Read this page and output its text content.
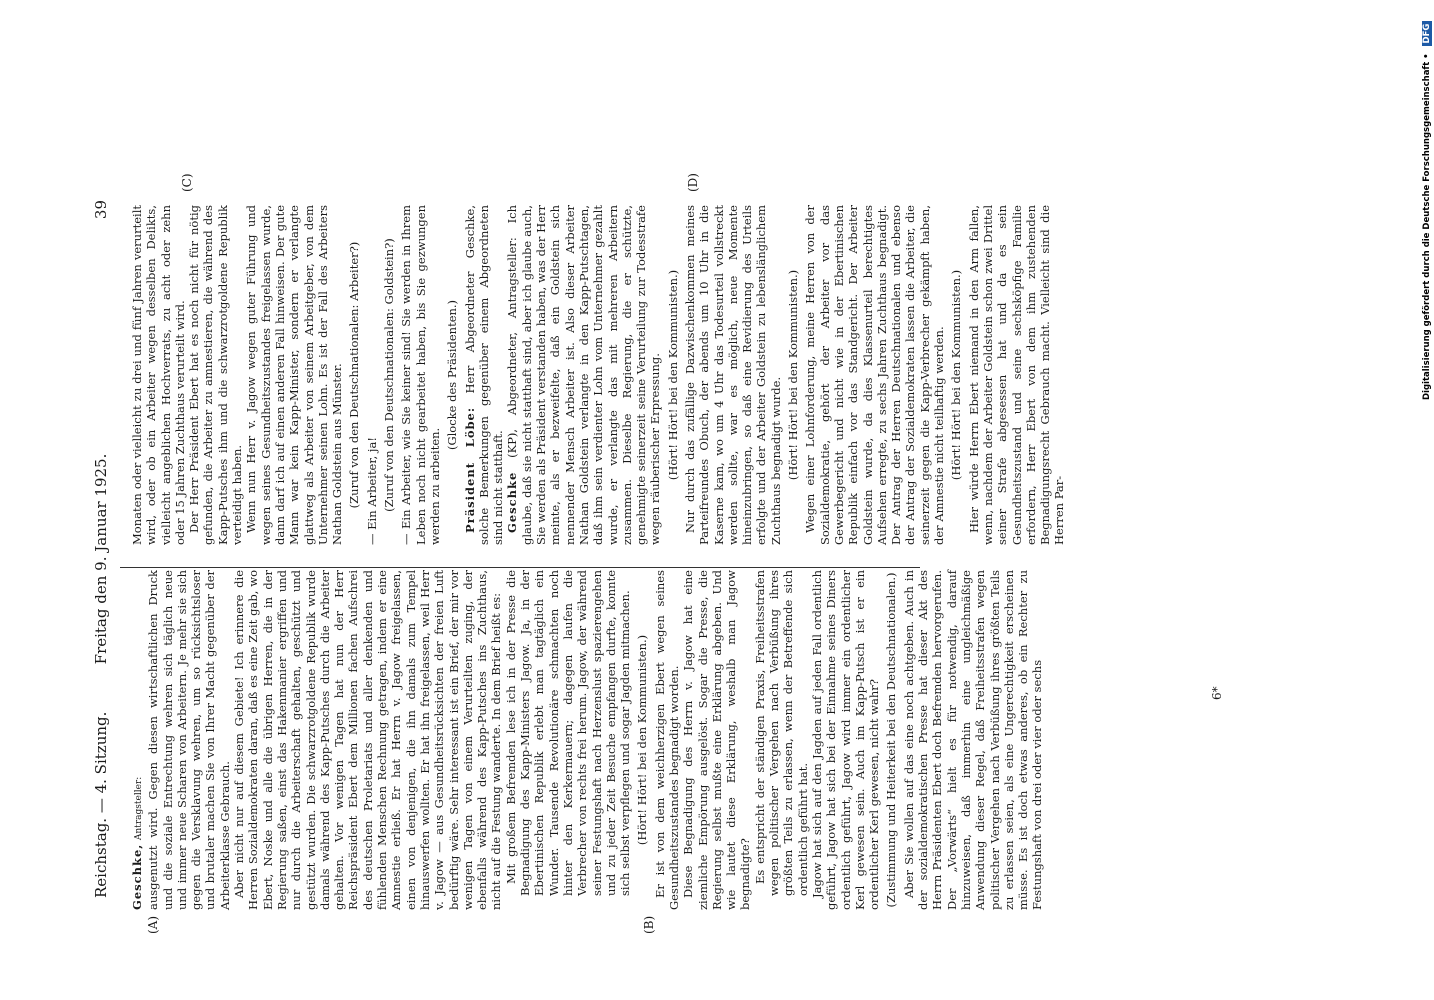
Reichstag. — 4. Sitzung.
Freitag den 9. Januar 1925.
39
(A)	(B)
(C)	(D)

Geschke, Antragsteller: ausgenutzt wird. Gegen diesen wirtschaftlichen Druck und die soziale Entrechtung wehren sich täglich neue und immer neue Scharen von Arbeitern. Je mehr sie sich gegen die Versklavung wehren, um so rücksichtsloser und brutaler machen Sie von Ihrer Macht gegenüber der Arbeiterklasse Gebrauch. Aber nicht nur auf diesem Gebiete! Ich erinnere die Herren Sozialdemokraten daran, daß es eine Zeit gab, wo Ebert, Noske und alle die übrigen Herren, die in der Regierung saßen, einst das Hakenmanier ergriffen und nur durch die Arbeiterschaft gehalten, geschützt und gestützt wurden. Die schwarzrotgoldene Republik wurde damals während des Kapp-Putsches durch die Arbeiter gehalten. Vor wenigen Tagen hat nun der Herr Reichspräsident Ebert dem Millionen fachen Aufschrei des deutschen Proletariats und aller denkenden und fühlenden Menschen Rechnung getragen, indem er eine Amnestie erließ. Er hat Herrn v. Jagow freigelassen, einen von denjenigen, die ihn damals zum Tempel hinauswerfen wollten. Er hat ihn freigelassen, weil Herr v. Jagow — aus Gesundheitsrücksichten der freien Luft bedürftig wäre. Sehr interessant ist ein Brief, der mir vor wenigen Tagen von einem Verurteilten zuging, der ebenfalls während des Kapp-Putsches ins Zuchthaus, nicht auf die Festung wanderte. In dem Brief heißt es: Mit großem Befremden lese ich in der Presse die Begnadigung des Kapp-Ministers Jagow. Ja, in der Ebertinischen Republik erlebt man tagtäglich ein Wunder. Tausende Revolutionäre schmachten noch hinter den Kerkermauern; dagegen laufen die Verbrecher von rechts frei herum. Jagow, der während seiner Festungshaft nach Herzenslust spazierengehen und zu jeder Zeit Besuche empfangen durfte, konnte sich selbst verpflegen und sogar Jagden mitmachen. (Hört! Hört! bei den Kommunisten.) Er ist von dem weichherzigen Ebert wegen seines Gesundheitszustandes begnadigt worden. Diese Begnadigung des Herrn v. Jagow hat eine ziemliche Empörung ausgelöst. Sogar die Presse, die Regierung selbst mußte eine Erklärung abgeben. Und wie lautet diese Erklärung, weshalb man Jagow begnadigte? Es entspricht der ständigen Praxis, Freiheitsstrafen wegen politischer Vergehen nach Verbüßung ihres größten Teils zu erlassen, wenn der Betreffende sich ordentlich geführt hat. Jagow hat sich auf den Jagden auf jeden Fall ordentlich geführt, Jagow hat sich bei der Einnahme seines Diners ordentlich geführt, Jagow wird immer ein ordentlicher Kerl gewesen sein. Auch im Kapp-Putsch ist er ein ordentlicher Kerl gewesen, nicht wahr? (Zustimmung und Heiterkeit bei den Deutschnationalen.) Aber Sie wollen auf das eine noch achtgeben. Auch in der sozialdemokratischen Presse hat dieser Akt des Herrn Präsidenten Ebert doch Befremden hervorgerufen. Der „Vorwärts“ hielt es für notwendig, darauf hinzuweisen, daß immerhin eine ungleichmäßige Anwendung dieser Regel, daß Freiheitsstrafen wegen politischer Vergehen nach Verbüßung ihres größten Teils zu erlassen seien, als eine Ungerechtigkeit erscheinen müsse. Es ist doch etwas anderes, ob ein Rechter zu Festungshaft von drei oder vier oder sechs

Monaten oder vielleicht zu drei und fünf Jahren verurteilt wird, oder ob ein Arbeiter wegen desselben Delikts, vielleicht angeblichen Hochverrats, zu acht oder zehn oder 15 Jahren Zuchthaus verurteilt wird. Der Herr Präsident Ebert hat es noch nicht für nötig gefunden, die Arbeiter zu amnestieren, die während des Kapp-Putsches ihm und die schwarzrotgoldene Republik verteidigt haben. Wenn nun Herr v. Jagow wegen guter Führung und wegen seines Gesundheitszustandes freigelassen wurde, dann darf ich auf einen anderen Fall hinweisen. Der gute Mann war kein Kapp-Minister, sondern er verlangte glattweg als Arbeiter von seinem Arbeitgeber, von dem Unternehmer seinen Lohn. Es ist der Fall des Arbeiters Nathan Goldstein aus Münster. (Zuruf von den Deutschnationalen: Arbeiter?) — Ein Arbeiter, ja! (Zuruf von den Deutschnationalen: Goldstein?) — Ein Arbeiter, wie Sie keiner sind! Sie werden in Ihrem Leben noch nicht gearbeitet haben, bis Sie gezwungen werden zu arbeiten.

(Glocke des Präsidenten.)

Präsident Löbe: Herr Abgeordneter Geschke, solche Bemerkungen gegenüber einem Abgeordneten sind nicht statthaft. Geschke (KP), Abgeordneter, Antragsteller: Ich glaube, daß sie nicht statthaft sind, aber ich glaube auch, Sie werden als Präsident verstanden haben, was der Herr meinte, als er bezweifelte, daß ein Goldstein sich nennender Mensch Arbeiter ist. Also dieser Arbeiter Nathan Goldstein verlangte in den Kapp-Putschtagen, daß ihm sein verdienter Lohn vom Unternehmer gezahlt wurde, er verlangte das mit mehreren Arbeitern zusammen. Dieselbe Regierung, die er schützte, genehmigte seinerzeit seine Verurteilung zur Todesstrafe wegen räuberischer Erpressung. (Hört! Hört! bei den Kommunisten.) Nur durch das zufällige Dazwischenkommen meines Parteifreundes Obuch, der abends um 10 Uhr in die Kaserne kam, wo um 4 Uhr das Todesurteil vollstreckt werden sollte, war es möglich, neue Momente hineinzubringen, so daß eine Revidierung des Urteils erfolgte und der Arbeiter Goldstein zu lebenslänglichem Zuchthaus begnadigt wurde. (Hört! Hört! bei den Kommunisten.) Wegen einer Lohnforderung, meine Herren von der Sozialdemokratie, gehört der Arbeiter vor das Gewerbegericht und nicht wie in der Ebertinischen Republik einfach vor das Standgericht. Der Arbeiter Goldstein wurde, da dies Klassenurteil berechtigtes Aufsehen erregte, zu sechs Jahren Zuchthaus begnadigt. Der Antrag der Herren Deutschnationalen und ebenso der Antrag der Sozialdemokraten lassen die Arbeiter, die seinerzeit gegen die Kapp-Verbrecher gekämpft haben, der Amnestie nicht teilhaftig werden. (Hört! Hört! bei den Kommunisten.) Hier würde Herrn Ebert niemand in den Arm fallen, wenn, nachdem der Arbeiter Goldstein schon zwei Drittel seiner Strafe abgesessen hat und da es sein Gesundheitszustand und seine sechsköpfige Familie erfordern, Herr Ebert von dem ihm zustehenden Begnadigungsrecht Gebrauch macht. Vielleicht sind die Herren Par-

6*
Digitalisierung gefördert durch die Deutsche Forschungsgemeinschaft • DFG
